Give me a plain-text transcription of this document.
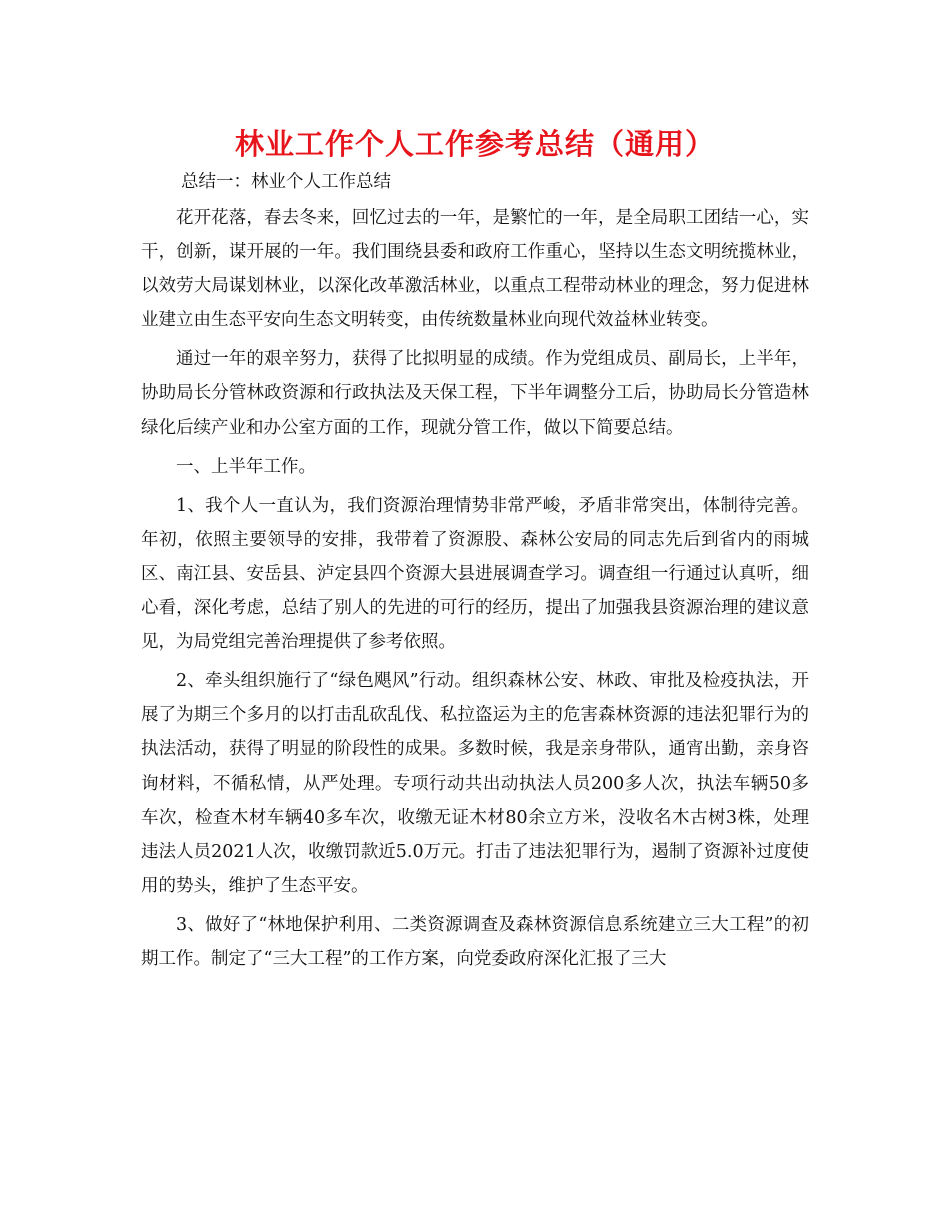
林业工作个人工作参考总结（通用）
总结一：林业个人工作总结

花开花落，春去冬来，回忆过去的一年，是繁忙的一年，是全局职工团结一心，实干，创新，谋开展的一年。我们围绕县委和政府工作重心，坚持以生态文明统揽林业，以效劳大局谋划林业，以深化改革激活林业，以重点工程带动林业的理念，努力促进林业建立由生态平安向生态文明转变，由传统数量林业向现代效益林业转变。

通过一年的艰辛努力，获得了比拟明显的成绩。作为党组成员、副局长，上半年，协助局长分管林政资源和行政执法及天保工程，下半年调整分工后，协助局长分管造林绿化后续产业和办公室方面的工作，现就分管工作，做以下简要总结。

一、上半年工作。

1、我个人一直认为，我们资源治理情势非常严峻，矛盾非常突出，体制待完善。年初，依照主要领导的安排，我带着了资源股、森林公安局的同志先后到省内的雨城区、南江县、安岳县、泸定县四个资源大县进展调查学习。调查组一行通过认真听，细心看，深化考虑，总结了别人的先进的可行的经历，提出了加强我县资源治理的建议意见，为局党组完善治理提供了参考依照。

2、牵头组织施行了“绿色飓风”行动。组织森林公安、林政、审批及检疫执法，开展了为期三个多月的以打击乱砍乱伐、私拉盗运为主的危害森林资源的违法犯罪行为的执法活动，获得了明显的阶段性的成果。多数时候，我是亲身带队，通宵出勤，亲身咨询材料，不循私情，从严处理。专项行动共出动执法人员200多人次，执法车辆50多车次，检查木材车辆40多车次，收缴无证木材80余立方米，没收名木古树3株，处理违法人员2021人次，收缴罚款近5.0万元。打击了违法犯罪行为，遏制了资源补过度使用的势头，维护了生态平安。

3、做好了“林地保护利用、二类资源调查及森林资源信息系统建立三大工程”的初期工作。制定了“三大工程”的工作方案，向党委政府深化汇报了三大
